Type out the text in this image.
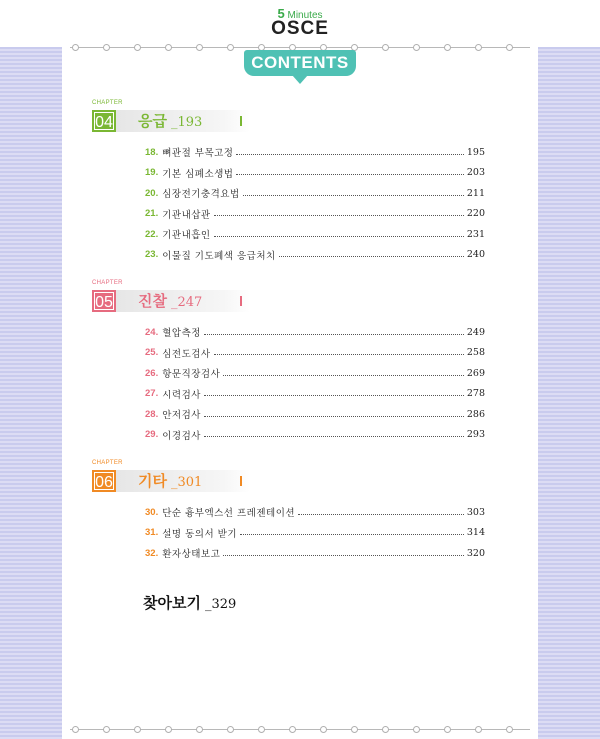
5 Minutes
OSCE
CONTENTS
CHAPTER
04	응급 _193
18. 뼈관절 부목고정	195
19. 기본 심폐소생법	203
20. 심장전기충격요법	211
21. 기관내삽관	220
22. 기관내흡인	231
23. 이물질 기도폐색 응급처치	240
CHAPTER
05	진찰 _247
24. 혈압측정	249
25. 심전도검사	258
26. 항문직장검사	269
27. 시력검사	278
28. 안저검사	286
29. 이경검사	293
CHAPTER
06	기타 _301
30. 단순 흉부엑스선 프레젠테이션	303
31. 설명 동의서 받기	314
32. 환자상태보고	320
찾아보기 _329
